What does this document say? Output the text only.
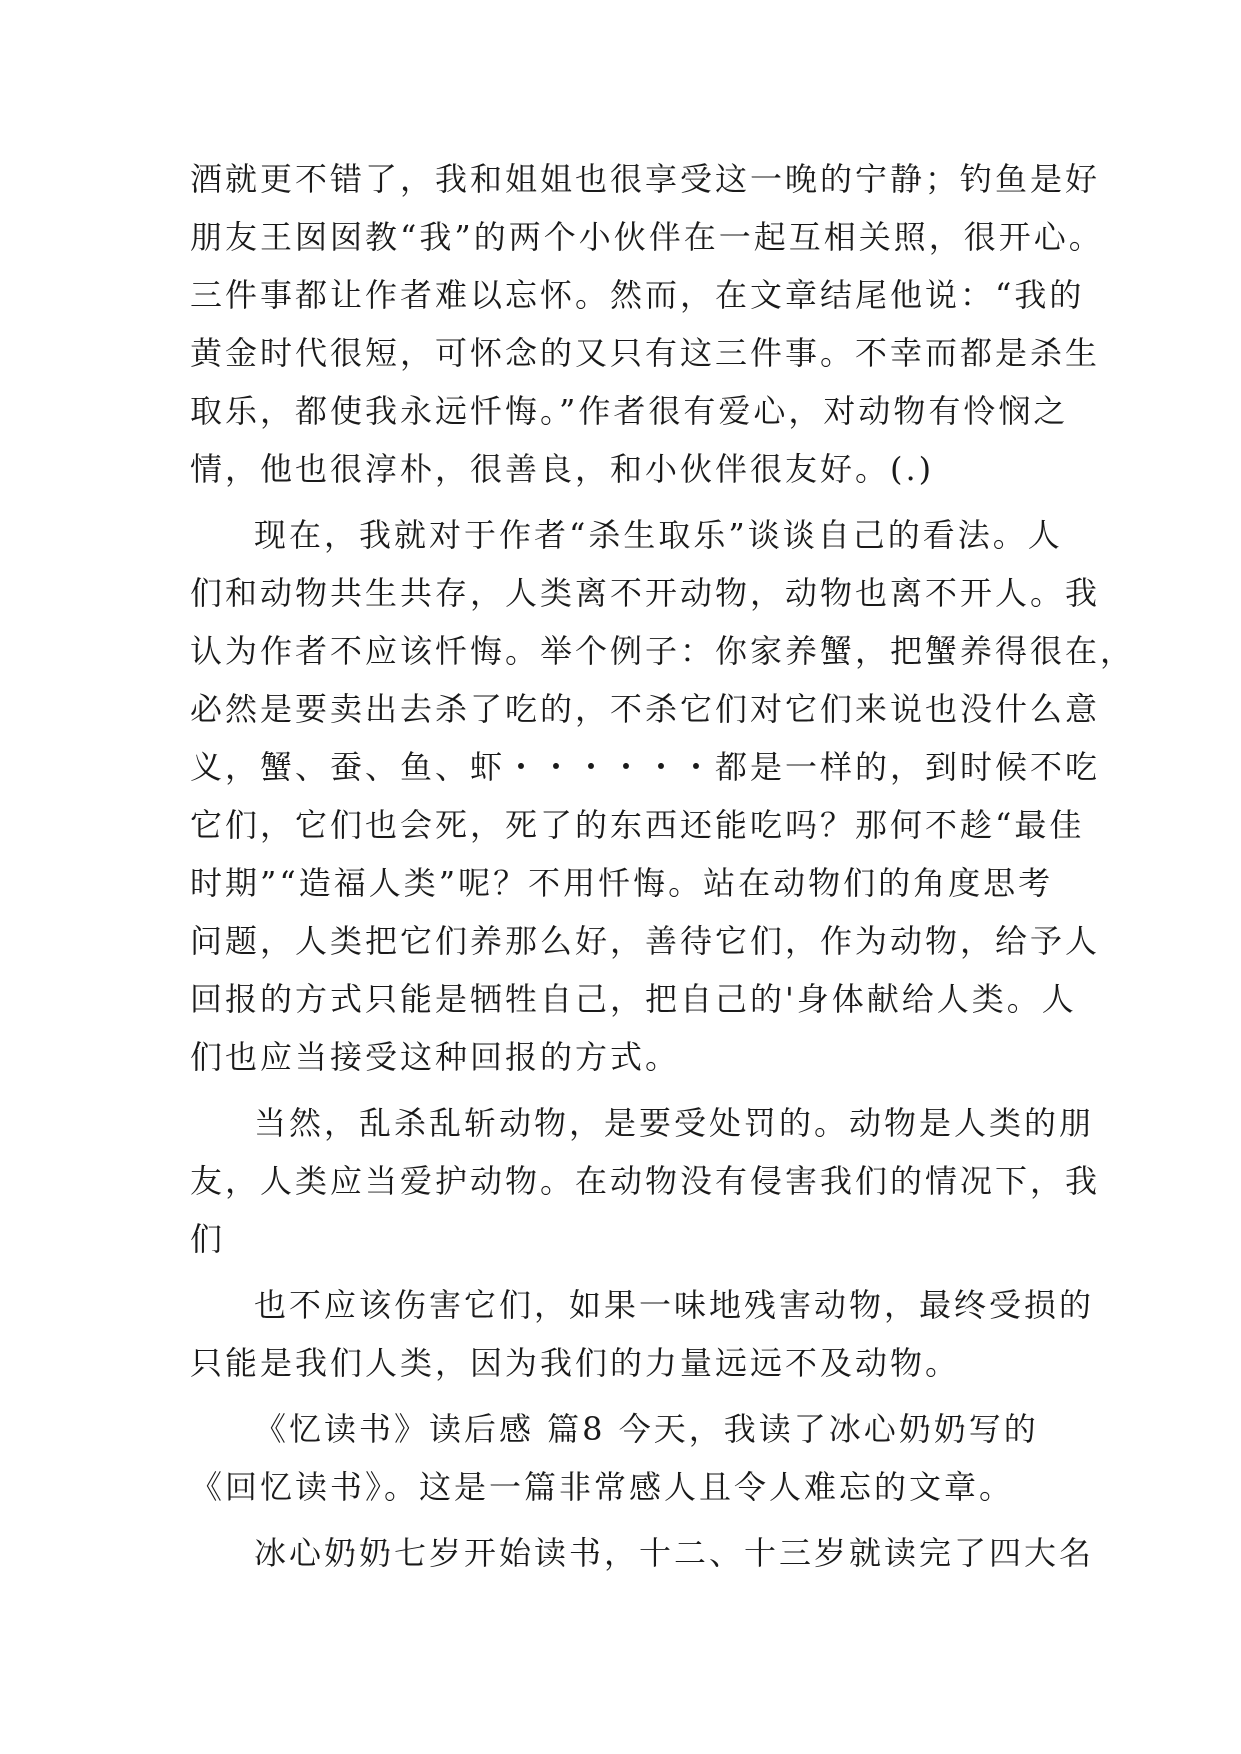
酒就更不错了，我和姐姐也很享受这一晚的宁静；钓鱼是好
朋友王囡囡教“我”的两个小伙伴在一起互相关照，很开心。
三件事都让作者难以忘怀。然而，在文章结尾他说：“我的
黄金时代很短，可怀念的又只有这三件事。不幸而都是杀生
取乐，都使我永远忏悔。”作者很有爱心，对动物有怜悯之
情，他也很淳朴，很善良，和小伙伴很友好。(.)
现在，我就对于作者“杀生取乐”谈谈自己的看法。人
们和动物共生共存，人类离不开动物，动物也离不开人。我
认为作者不应该忏悔。举个例子：你家养蟹，把蟹养得很在，
必然是要卖出去杀了吃的，不杀它们对它们来说也没什么意
义，蟹、蚕、鱼、虾・・・・・・都是一样的，到时候不吃
它们，它们也会死，死了的东西还能吃吗？那何不趁“最佳
时期”“造福人类”呢？不用忏悔。站在动物们的角度思考
问题，人类把它们养那么好，善待它们，作为动物，给予人
回报的方式只能是牺牲自己，把自己的'身体献给人类。人
们也应当接受这种回报的方式。
当然，乱杀乱斩动物，是要受处罚的。动物是人类的朋
友，人类应当爱护动物。在动物没有侵害我们的情况下，我
们
也不应该伤害它们，如果一味地残害动物，最终受损的
只能是我们人类，因为我们的力量远远不及动物。
《忆读书》读后感 篇8 今天，我读了冰心奶奶写的
《回忆读书》。这是一篇非常感人且令人难忘的文章。
冰心奶奶七岁开始读书，十二、十三岁就读完了四大名
